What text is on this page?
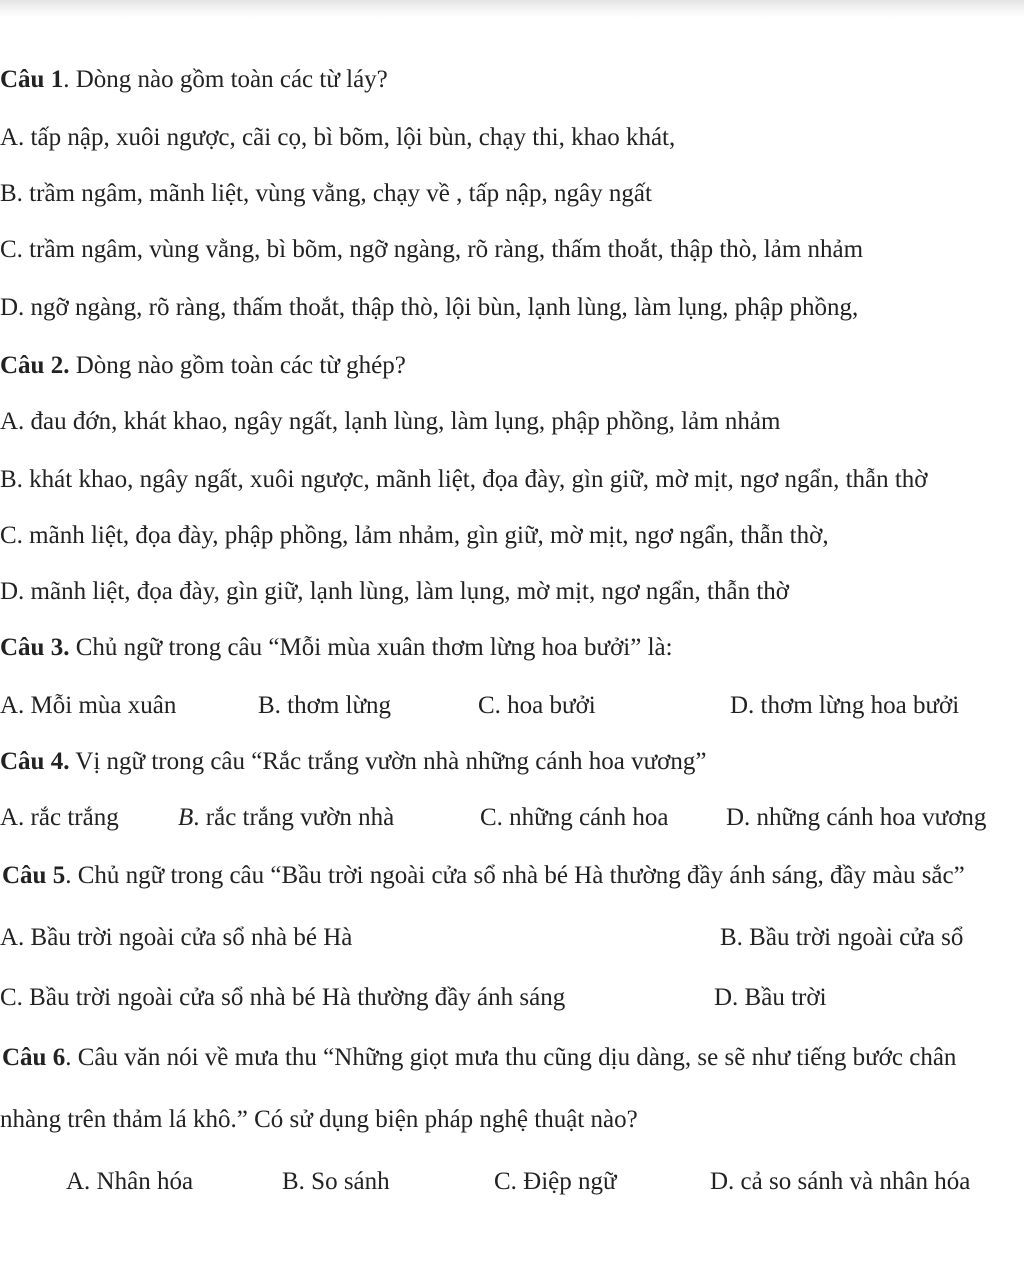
Câu 1. Dòng nào gồm toàn các từ láy?
A. tấp nập, xuôi ngược, cãi cọ, bì bõm, lội bùn, chạy thi, khao khát,
B. trầm ngâm, mãnh liệt, vùng vằng, chạy về , tấp nập, ngây ngất
C. trầm ngâm, vùng vằng, bì bõm, ngỡ ngàng, rõ ràng, thấm thoắt, thập thò, lảm nhảm
D. ngỡ ngàng, rõ ràng, thấm thoắt, thập thò, lội bùn, lạnh lùng, làm lụng, phập phồng,
Câu 2. Dòng nào gồm toàn các từ ghép?
A. đau đớn, khát khao, ngây ngất, lạnh lùng, làm lụng, phập phồng, lảm nhảm
B. khát khao, ngây ngất, xuôi ngược, mãnh liệt, đọa đày, gìn giữ, mờ mịt, ngơ ngẩn, thẫn thờ
C. mãnh liệt, đọa đày, phập phồng, lảm nhảm, gìn giữ, mờ mịt, ngơ ngẩn, thẫn thờ,
D. mãnh liệt, đọa đày, gìn giữ, lạnh lùng, làm lụng, mờ mịt, ngơ ngẩn, thẫn thờ
Câu 3. Chủ ngữ trong câu “Mỗi mùa xuân thơm lừng hoa bưởi” là:
A. Mỗi mùa xuân	B. thơm lừng	C. hoa bưởi	D. thơm lừng hoa bưởi
Câu 4. Vị ngữ trong câu “Rắc trắng vườn nhà những cánh hoa vương”
A. rắc trắng B. rắc trắng vườn nhà	C. những cánh hoa D. những cánh hoa vương
Câu 5. Chủ ngữ trong câu “Bầu trời ngoài cửa sổ nhà bé Hà thường đầy ánh sáng, đầy màu sắc”
A. Bầu trời ngoài cửa sổ nhà bé Hà	B. Bầu trời ngoài cửa sổ
C. Bầu trời ngoài cửa sổ nhà bé Hà thường đầy ánh sáng	D. Bầu trời
Câu 6. Câu văn nói về mưa thu “Những giọt mưa thu cũng dịu dàng, se sẽ như tiếng bước chân
nhàng trên thảm lá khô.” Có sử dụng biện pháp nghệ thuật nào?
A. Nhân hóa	B. So sánh	C. Điệp ngữ	D. cả so sánh và nhân hóa
